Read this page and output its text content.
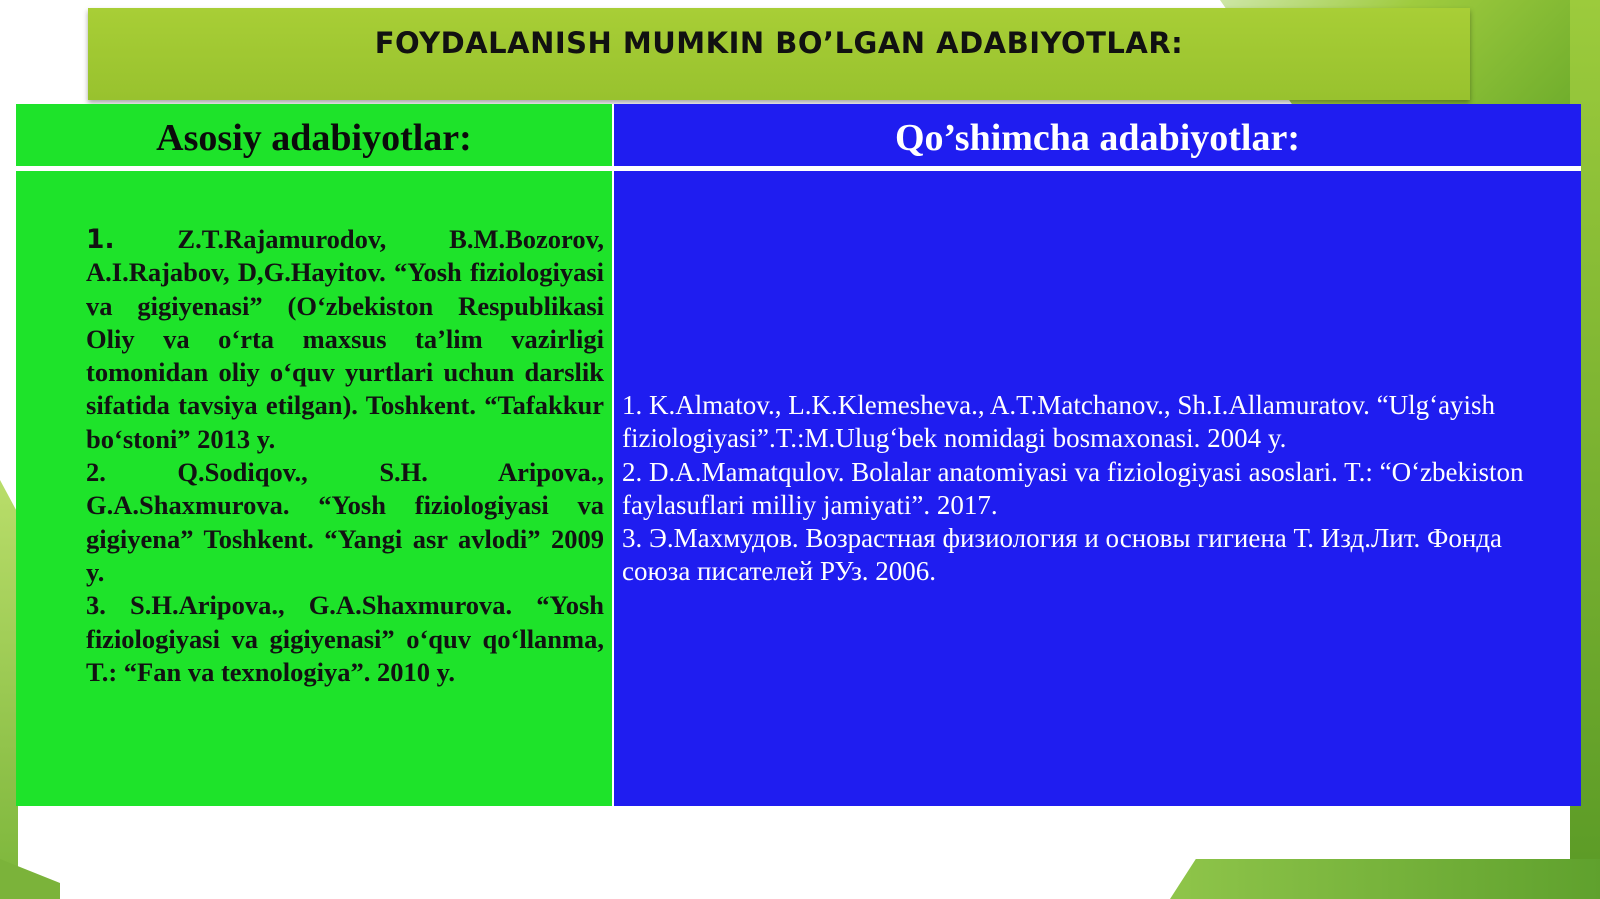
FOYDALANISH MUMKIN BO’LGAN ADABIYOTLAR:
Asosiy adabiyotlar:	Qo’shimcha adabiyotlar:

1. Z.T.Rajamurodov, B.M.Bozorov, A.I.Rajabov, D,G.Hayitov. “Yosh fiziologiyasi va gigiyenasi” (O‘zbekiston Respublikasi Oliy va o‘rta maxsus ta’lim vazirligi tomonidan oliy o‘quv yurtlari uchun darslik sifatida tavsiya etilgan). Toshkent. “Tafakkur bo‘stoni” 2013 y.

2.	Q.Sodiqov., S.H. Aripova., G.A.Shaxmurova. “Yosh fiziologiyasi va gigiyena” Toshkent. “Yangi asr avlodi” 2009 y.

3. S.H.Aripova., G.A.Shaxmurova. “Yosh fiziologiyasi va gigiyenasi” o‘quv qo‘llanma, T.: “Fan va texnologiya”. 2010 y.

1. K.Almatov., L.K.Klemesheva., A.T.Matchanov., Sh.I.Allamuratov. “Ulg‘ayish fiziologiyasi”.T.:M.Ulug‘bek nomidagi bosmaxonasi. 2004 y.

2. D.A.Mamatqulov. Bolalar anatomiyasi va fiziologiyasi asoslari. T.: “O‘zbekiston faylasuflari milliy jamiyati”. 2017.

3. Э.Махмудов. Возрастная физиология и основы гигиена Т. Изд.Лит. Фонда союза писателей РУз. 2006.
